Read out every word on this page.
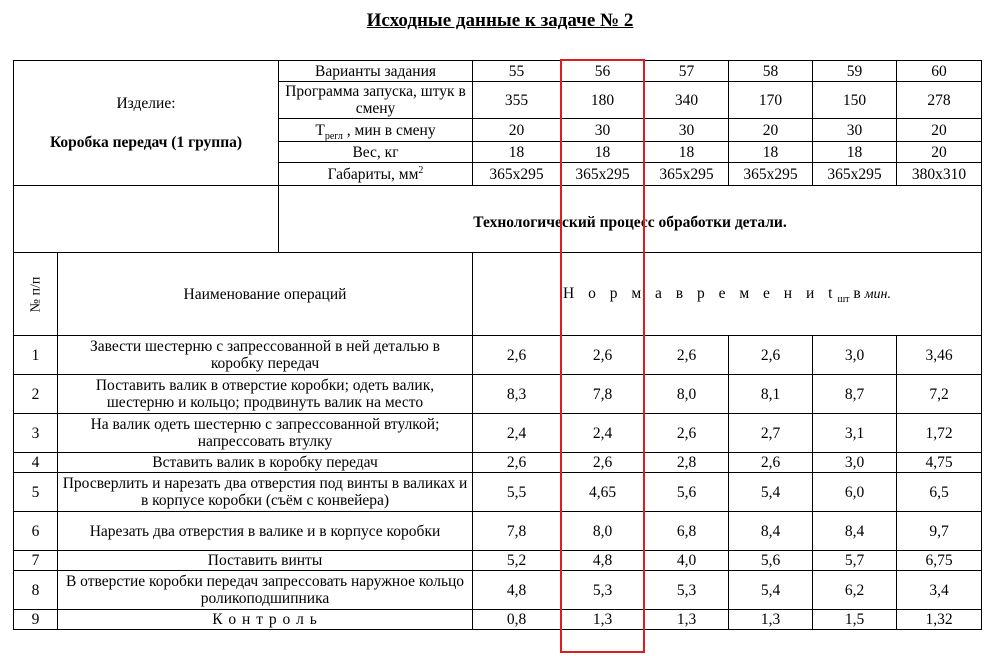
Исходные данные к задаче № 2
Изделие:
Коробка передач (1 группа)		Варианты задания	55	56	57	58	59	60
		Программа запуска, штук в смену	355	180	340	170	150	278
		$Т_{регл}$ , мин в смену	20	30	30	20	30	20
		Вес, кг	18	18	18	18	18	20
		Габариты, $мм^2$	365х295	365х295	365х295	365х295	365х295	380х310
		Технологический процесс обработки детали.						
№ п/п	Наименование операций		Н о р м а в р е м е н и $t_{шт}$ в мин.					
1	Завести шестерню с запрессованной в ней деталью в коробку передач		2,6	2,6	2,6	2,6	3,0	3,46
2	Поставить валик в отверстие коробки; одеть валик, шестерню и кольцо; продвинуть валик на место		8,3	7,8	8,0	8,1	8,7	7,2
3	На валик одеть шестерню с запрессованной втулкой; напрессовать втулку		2,4	2,4	2,6	2,7	3,1	1,72
4	Вставить валик в коробку передач		2,6	2,6	2,8	2,6	3,0	4,75
5	Просверлить и нарезать два отверстия под винты в валиках и в корпусе коробки (съём с конвейера)		5,5	4,65	5,6	5,4	6,0	6,5
6	Нарезать два отверстия в валике и в корпусе коробки		7,8	8,0	6,8	8,4	8,4	9,7
7	Поставить винты		5,2	4,8	4,0	5,6	5,7	6,75
8	В отверстие коробки передач запрессовать наружное кольцо роликоподшипника		4,8	5,3	5,3	5,4	6,2	3,4
9	К о н т р о л ь		0,8	1,3	1,3	1,3	1,5	1,32
